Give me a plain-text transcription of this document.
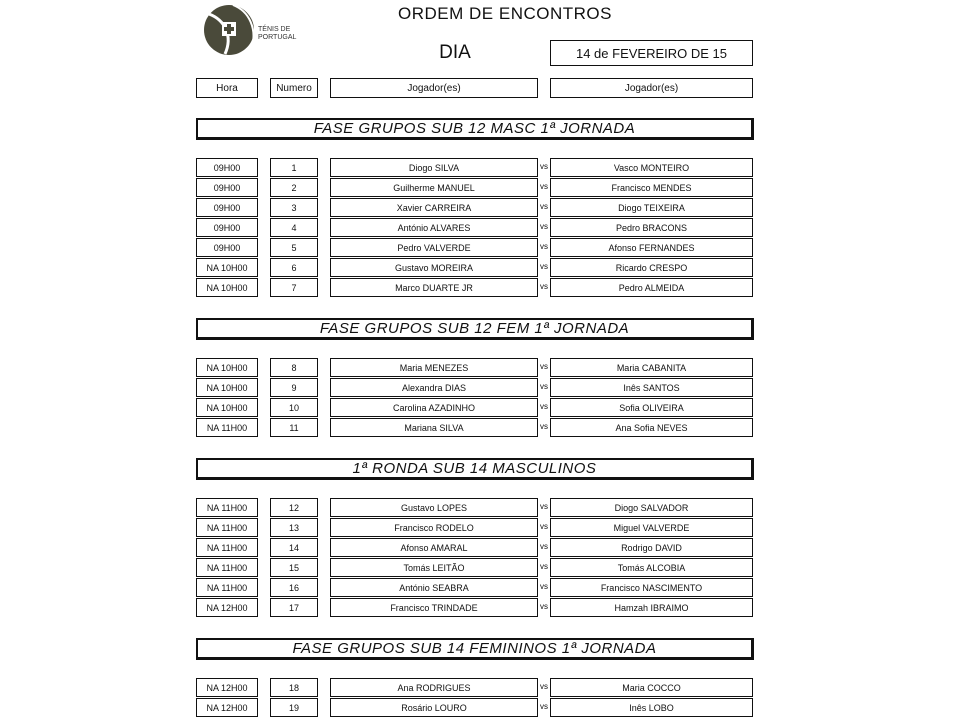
TÉNIS DE
PORTUGAL
ORDEM DE ENCONTROS
DIA	14 de FEVEREIRO DE 15
Hora	Numero	Jogador(es)	Jogador(es)
FASE GRUPOS SUB 12 MASC 1ª JORNADA
09H00	1	Diogo SILVA	vs	Vasco MONTEIRO
09H00	2	Guilherme MANUEL	vs	Francisco MENDES
09H00	3	Xavier CARREIRA	vs	Diogo TEIXEIRA
09H00	4	António ALVARES	vs	Pedro BRACONS
09H00	5	Pedro VALVERDE	vs	Afonso FERNANDES
NA 10H00	6	Gustavo MOREIRA	vs	Ricardo CRESPO
NA 10H00	7	Marco DUARTE JR	vs	Pedro ALMEIDA
FASE GRUPOS SUB 12 FEM 1ª JORNADA
NA 10H00	8	Maria MENEZES	vs	Maria CABANITA
NA 10H00	9	Alexandra DIAS	vs	Inês SANTOS
NA 10H00	10	Carolina AZADINHO	vs	Sofia OLIVEIRA
NA 11H00	11	Mariana SILVA	vs	Ana Sofia NEVES
1ª RONDA SUB 14 MASCULINOS
NA 11H00	12	Gustavo LOPES	vs	Diogo SALVADOR
NA 11H00	13	Francisco RODELO	vs	Miguel VALVERDE
NA 11H00	14	Afonso AMARAL	vs	Rodrigo DAVID
NA 11H00	15	Tomás LEITÃO	vs	Tomás ALCOBIA
NA 11H00	16	António SEABRA	vs	Francisco NASCIMENTO
NA 12H00	17	Francisco TRINDADE	vs	Hamzah IBRAIMO
FASE GRUPOS SUB 14 FEMININOS 1ª JORNADA
NA 12H00	18	Ana RODRIGUES	vs	Maria COCCO
NA 12H00	19	Rosário LOURO	vs	Inês LOBO
